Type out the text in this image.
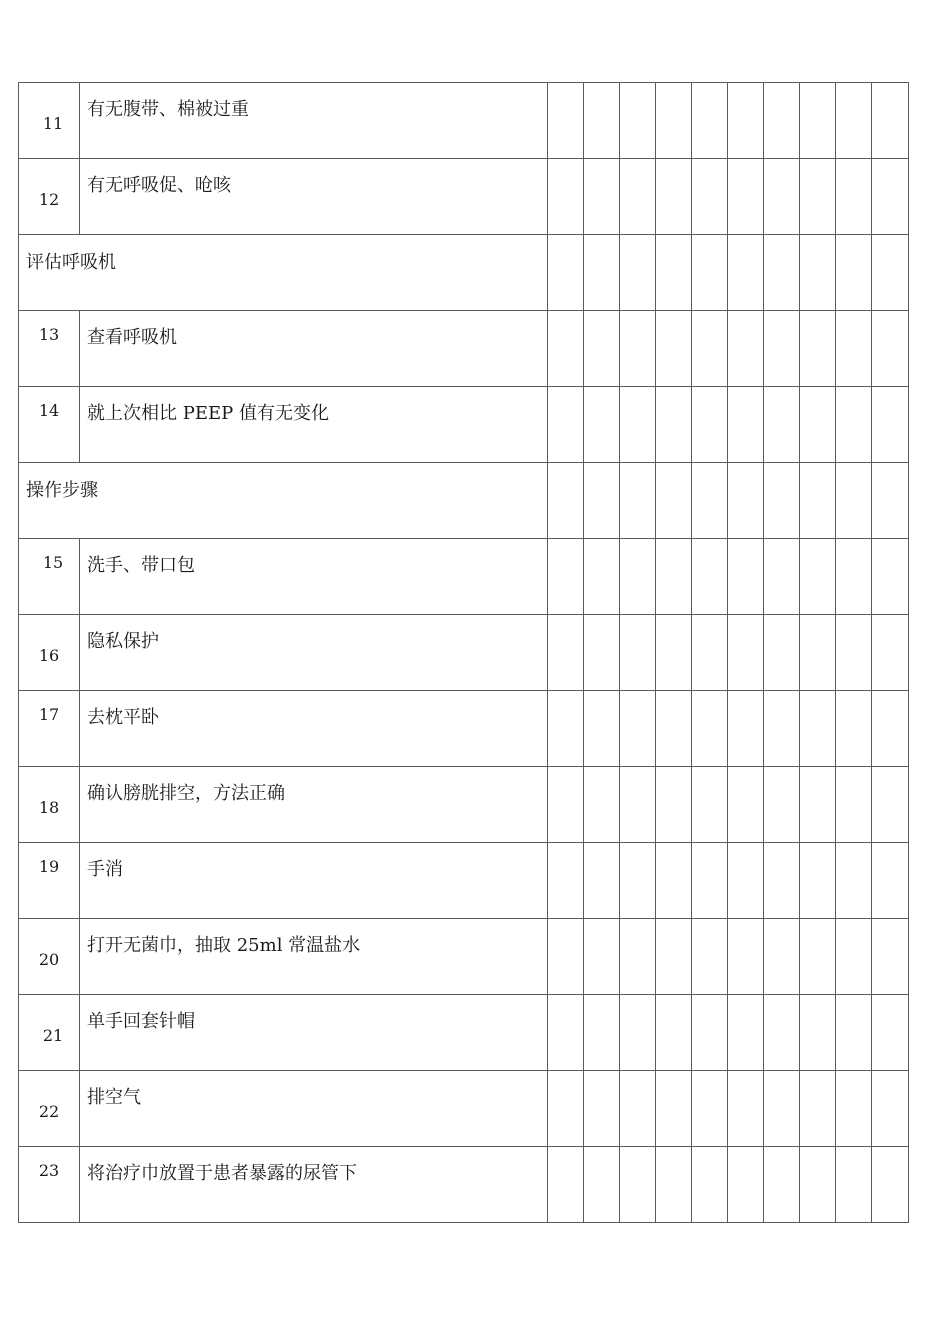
11	有无腹带、棉被过重										

12	有无呼吸促、呛咳										
评估呼吸机											

13	查看呼吸机										

14	就上次相比 PEEP 值有无变化										
操作步骤											

15	洗手、带口包										

16	隐私保护										

17	去枕平卧										

18	确认膀胱排空，方法正确										

19	手消										

20	打开无菌巾，抽取 25ml 常温盐水										

21	单手回套针帽										

22	排空气										

23	将治疗巾放置于患者暴露的尿管下										
